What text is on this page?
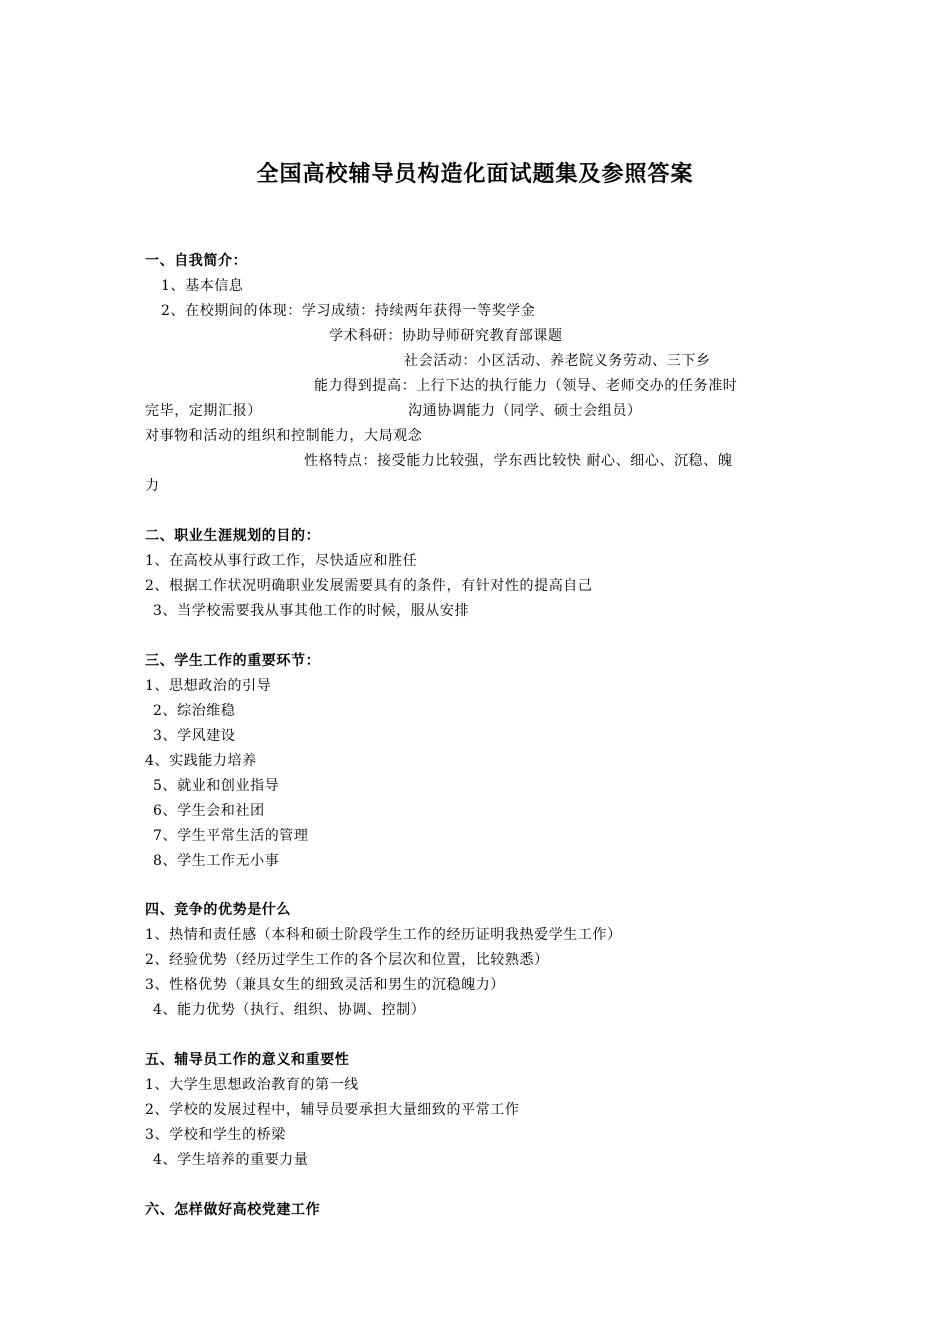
全国高校辅导员构造化面试题集及参照答案
一、自我简介：
1、基本信息
2、在校期间的体现：学习成绩：持续两年获得一等奖学金
学术科研：协助导师研究教育部课题
社会活动：小区活动、养老院义务劳动、三下乡
能力得到提高：上行下达的执行能力（领导、老师交办的任务准时
完毕，定期汇报）	沟通协调能力（同学、硕士会组员）
对事物和活动的组织和控制能力，大局观念
性格特点：接受能力比较强，学东西比较快 耐心、细心、沉稳、魄
力
二、职业生涯规划的目的：
1、在高校从事行政工作，尽快适应和胜任
2、根据工作状况明确职业发展需要具有的条件，有针对性的提高自己
3、当学校需要我从事其他工作的时候，服从安排
三、学生工作的重要环节：
1、思想政治的引导
2、综治维稳
3、学风建设
4、实践能力培养
5、就业和创业指导
6、学生会和社团
7、学生平常生活的管理
8、学生工作无小事
四、竞争的优势是什么
1、热情和责任感（本科和硕士阶段学生工作的经历证明我热爱学生工作）
2、经验优势（经历过学生工作的各个层次和位置，比较熟悉）
3、性格优势（兼具女生的细致灵活和男生的沉稳魄力）
4、能力优势（执行、组织、协调、控制）
五、辅导员工作的意义和重要性
1、大学生思想政治教育的第一线
2、学校的发展过程中，辅导员要承担大量细致的平常工作
3、学校和学生的桥梁
4、学生培养的重要力量
六、怎样做好高校党建工作
